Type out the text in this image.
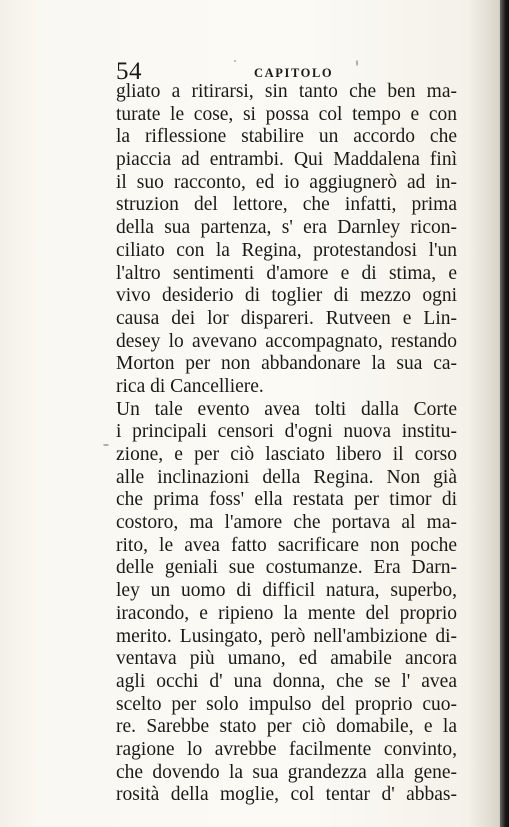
54	CAPITOLO
gliato a ritirarsi, sin tanto che ben ma-
turate le cose, si possa col tempo e con
la riflessione stabilire un accordo che
piaccia ad entrambi. Qui Maddalena finì
il suo racconto, ed io aggiugnerò ad in-
struzion del lettore, che infatti, prima
della sua partenza, s' era Darnley ricon-
ciliato con la Regina, protestandosi l'un
l'altro sentimenti d'amore e di stima, e
vivo desiderio di toglier di mezzo ogni
causa dei lor dispareri. Rutveen e Lin-
desey lo avevano accompagnato, restando
Morton per non abbandonare la sua ca-
rica di Cancelliere.
Un tale evento avea tolti dalla Corte
i principali censori d'ogni nuova institu-
zione, e per ciò lasciato libero il corso
alle inclinazioni della Regina. Non già
che prima foss' ella restata per timor di
costoro, ma l'amore che portava al ma-
rito, le avea fatto sacrificare non poche
delle geniali sue costumanze. Era Darn-
ley un uomo di difficil natura, superbo,
iracondo, e ripieno la mente del proprio
merito. Lusingato, però nell'ambizione di-
ventava più umano, ed amabile ancora
agli occhi d' una donna, che se l' avea
scelto per solo impulso del proprio cuo-
re. Sarebbe stato per ciò domabile, e la
ragione lo avrebbe facilmente convinto,
che dovendo la sua grandezza alla gene-
rosità della moglie, col tentar d' abbas-
